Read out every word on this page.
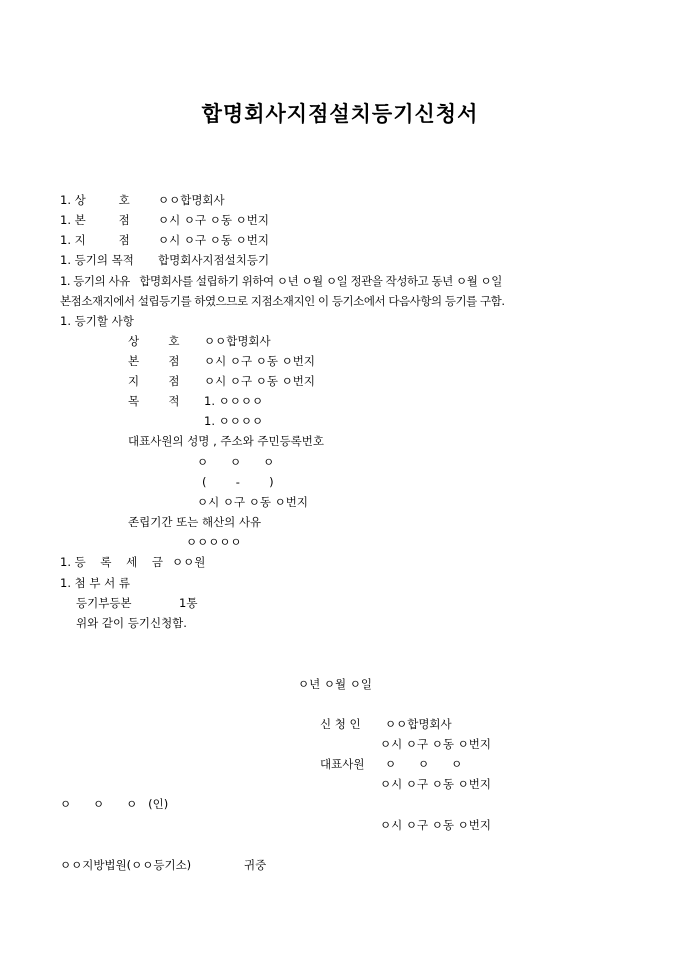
합명회사지점설치등기신청서
1. 상         호 ㅇㅇ합명회사
1. 본         점 ㅇ시 ㅇ구 ㅇ동 ㅇ번지
1. 지         점 ㅇ시 ㅇ구 ㅇ동 ㅇ번지
1. 등기의 목적 합명회사지점설치등기
1. 등기의 사유   합명회사를 설립하기 위하여 ㅇ년 ㅇ월 ㅇ일 정관을 작성하고 동년 ㅇ월 ㅇ일
본점소재지에서 설립등기를 하였으므로 지점소재지인 이 등기소에서 다음사항의 등기를 구함.
1. 등기할 사항
상        호 ㅇㅇ합명회사
본        점 ㅇ시 ㅇ구 ㅇ동 ㅇ번지
지        점 ㅇ시 ㅇ구 ㅇ동 ㅇ번지
목        적 1. ㅇㅇㅇㅇ
1. ㅇㅇㅇㅇ
대표사원의 성명 , 주소와 주민등록번호
ㅇ      ㅇ      ㅇ
(        -        )
ㅇ시 ㅇ구 ㅇ동 ㅇ번지
존립기간 또는 해산의 사유
ㅇㅇㅇㅇㅇ
1. 등    록    세    금 ㅇㅇ원
1. 첨 부 서 류
등기부등본	1통
위와 같이 등기신청함.
ㅇ년 ㅇ월 ㅇ일
신 청 인 ㅇㅇ합명회사
ㅇ시 ㅇ구 ㅇ동 ㅇ번지
대표사원 ㅇ      ㅇ      ㅇ
ㅇ시 ㅇ구 ㅇ동 ㅇ번지
ㅇ      ㅇ      ㅇ   (인)
ㅇ시 ㅇ구 ㅇ동 ㅇ번지
ㅇㅇ지방법원(ㅇㅇ등기소)	귀중
